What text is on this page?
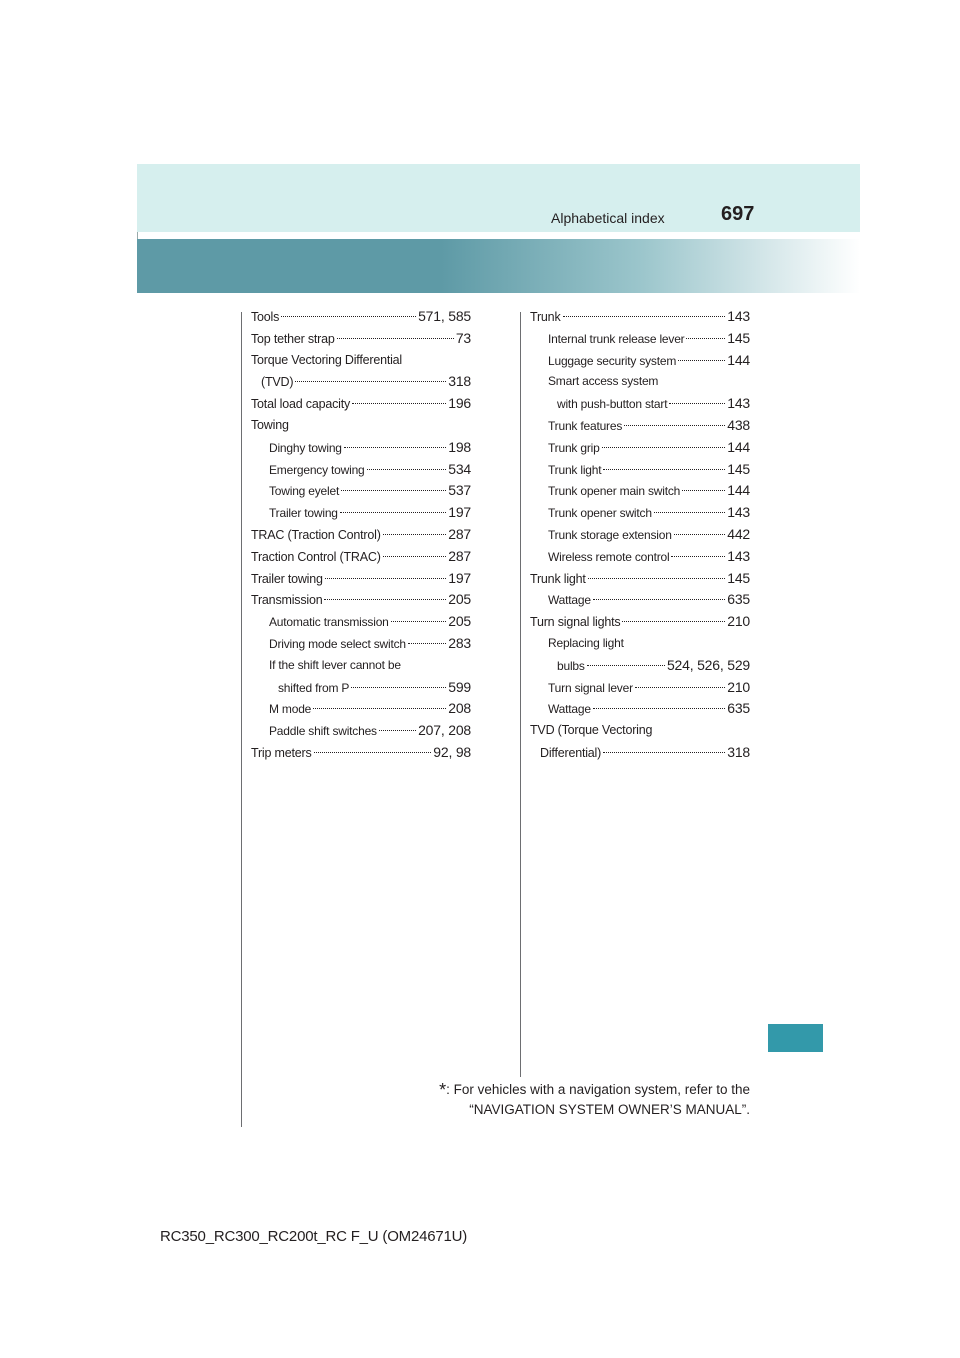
Alphabetical index	697
Tools	571, 585
Top tether strap	73
Torque Vectoring Differential
(TVD)	318
Total load capacity	196
Towing
Dinghy towing	198
Emergency towing	534
Towing eyelet	537
Trailer towing	197
TRAC (Traction Control)	287
Traction Control (TRAC)	287
Trailer towing	197
Transmission	205
Automatic transmission	205
Driving mode select switch	283
If the shift lever cannot be
shifted from P	599
M mode	208
Paddle shift switches	207, 208
Trip meters	92, 98
Trunk	143
Internal trunk release lever	145
Luggage security system	144
Smart access system
with push-button start	143
Trunk features	438
Trunk grip	144
Trunk light	145
Trunk opener main switch	144
Trunk opener switch	143
Trunk storage extension	442
Wireless remote control	143
Trunk light	145
Wattage	635
Turn signal lights	210
Replacing light
bulbs	524, 526, 529
Turn signal lever	210
Wattage	635
TVD (Torque Vectoring
Differential)	318
*: For vehicles with a navigation system, refer to the
“NAVIGATION SYSTEM OWNER’S MANUAL”.
RC350_RC300_RC200t_RC F_U (OM24671U)
